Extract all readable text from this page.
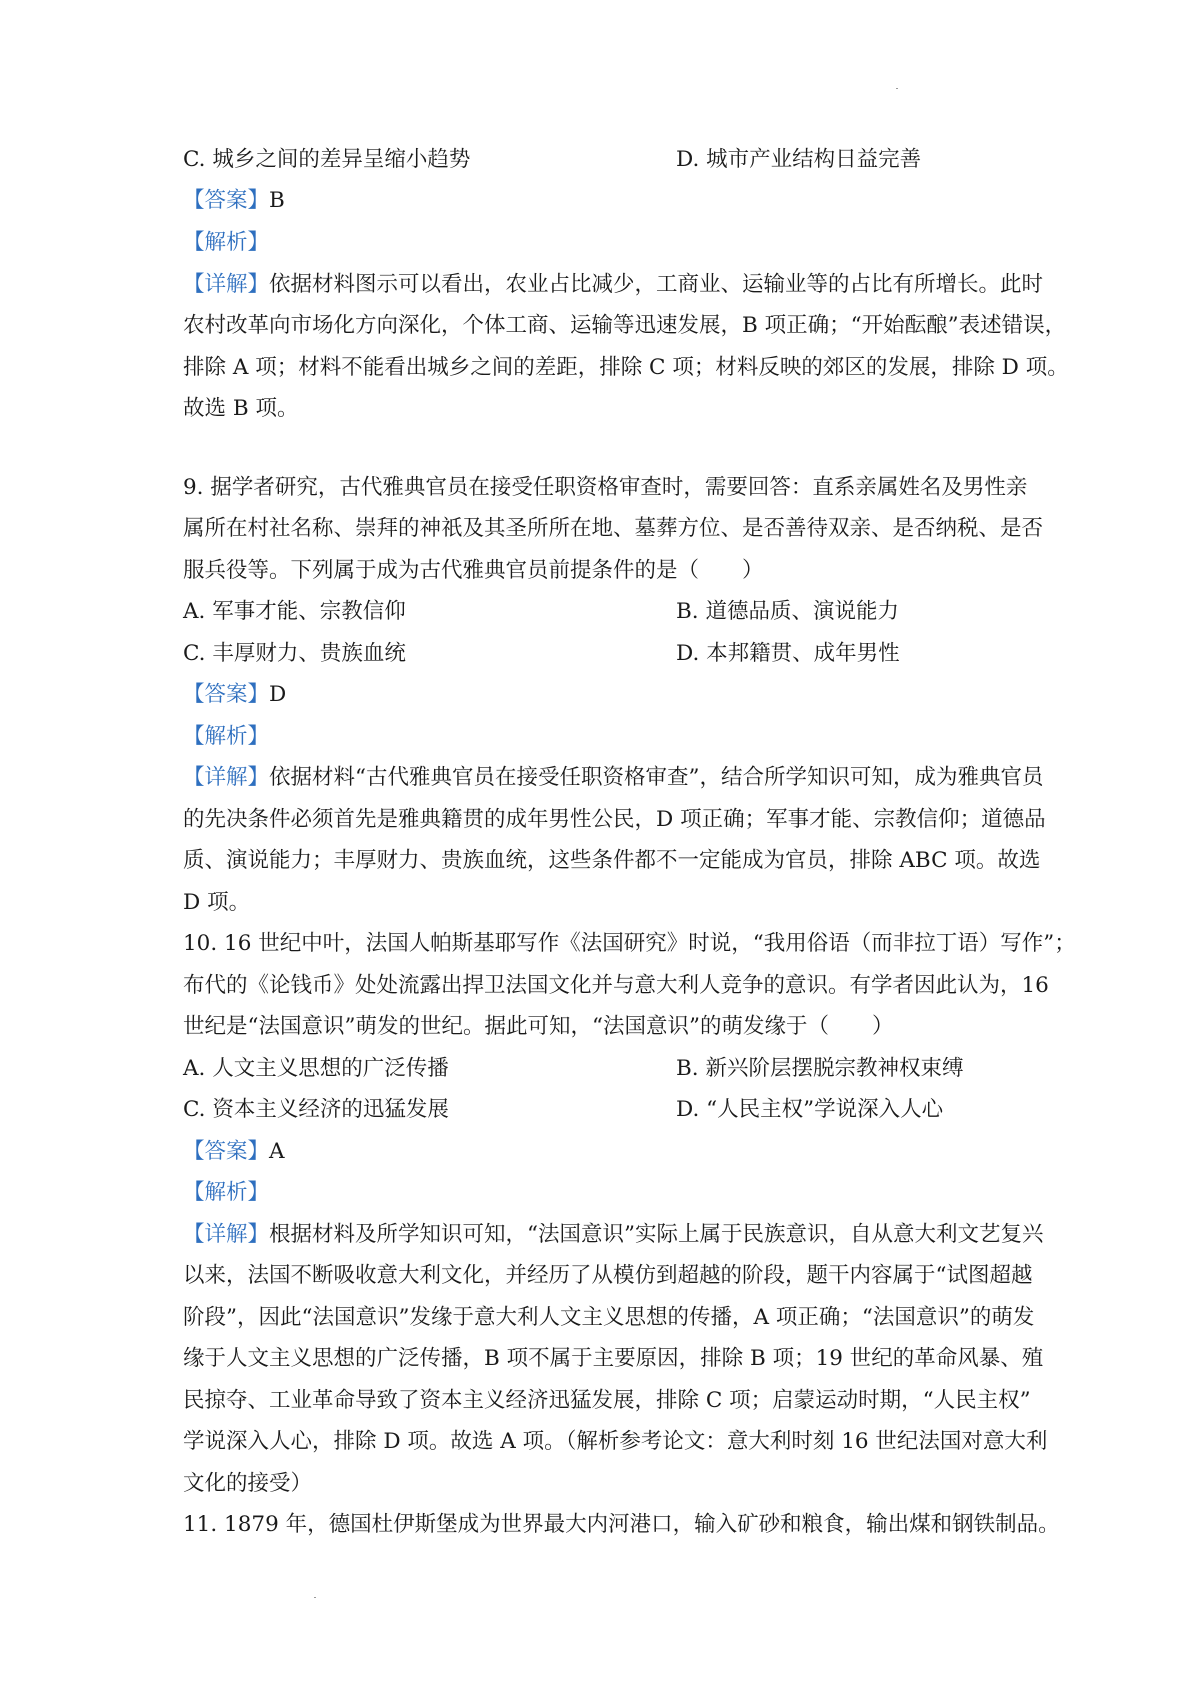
C. 城乡之间的差异呈缩小趋势	D. 城市产业结构日益完善
【答案】B
【解析】
【详解】依据材料图示可以看出，农业占比减少，工商业、运输业等的占比有所增长。此时
农村改革向市场化方向深化，个体工商、运输等迅速发展，B 项正确；“开始酝酿”表述错误，
排除 A 项；材料不能看出城乡之间的差距，排除 C 项；材料反映的郊区的发展，排除 D 项。
故选 B 项。
9. 据学者研究，古代雅典官员在接受任职资格审查时，需要回答：直系亲属姓名及男性亲
属所在村社名称、崇拜的神祇及其圣所所在地、墓葬方位、是否善待双亲、是否纳税、是否
服兵役等。下列属于成为古代雅典官员前提条件的是（　　）
A. 军事才能、宗教信仰	B. 道德品质、演说能力
C. 丰厚财力、贵族血统	D. 本邦籍贯、成年男性
【答案】D
【解析】
【详解】依据材料“古代雅典官员在接受任职资格审查”，结合所学知识可知，成为雅典官员
的先决条件必须首先是雅典籍贯的成年男性公民，D 项正确；军事才能、宗教信仰；道德品
质、演说能力；丰厚财力、贵族血统，这些条件都不一定能成为官员，排除 ABC 项。故选
D 项。
10. 16 世纪中叶，法国人帕斯基耶写作《法国研究》时说，“我用俗语（而非拉丁语）写作”；
布代的《论钱币》处处流露出捍卫法国文化并与意大利人竞争的意识。有学者因此认为，16
世纪是“法国意识”萌发的世纪。据此可知，“法国意识”的萌发缘于（　　）
A. 人文主义思想的广泛传播	B. 新兴阶层摆脱宗教神权束缚
C. 资本主义经济的迅猛发展	D. “人民主权”学说深入人心
【答案】A
【解析】
【详解】根据材料及所学知识可知，“法国意识”实际上属于民族意识，自从意大利文艺复兴
以来，法国不断吸收意大利文化，并经历了从模仿到超越的阶段，题干内容属于“试图超越
阶段”，因此“法国意识”发缘于意大利人文主义思想的传播，A 项正确；“法国意识”的萌发
缘于人文主义思想的广泛传播，B 项不属于主要原因，排除 B 项；19 世纪的革命风暴、殖
民掠夺、工业革命导致了资本主义经济迅猛发展，排除 C 项；启蒙运动时期，“人民主权”
学说深入人心，排除 D 项。故选 A 项。（解析参考论文：意大利时刻 16 世纪法国对意大利
文化的接受）
11. 1879 年，德国杜伊斯堡成为世界最大内河港口，输入矿砂和粮食，输出煤和钢铁制品。
